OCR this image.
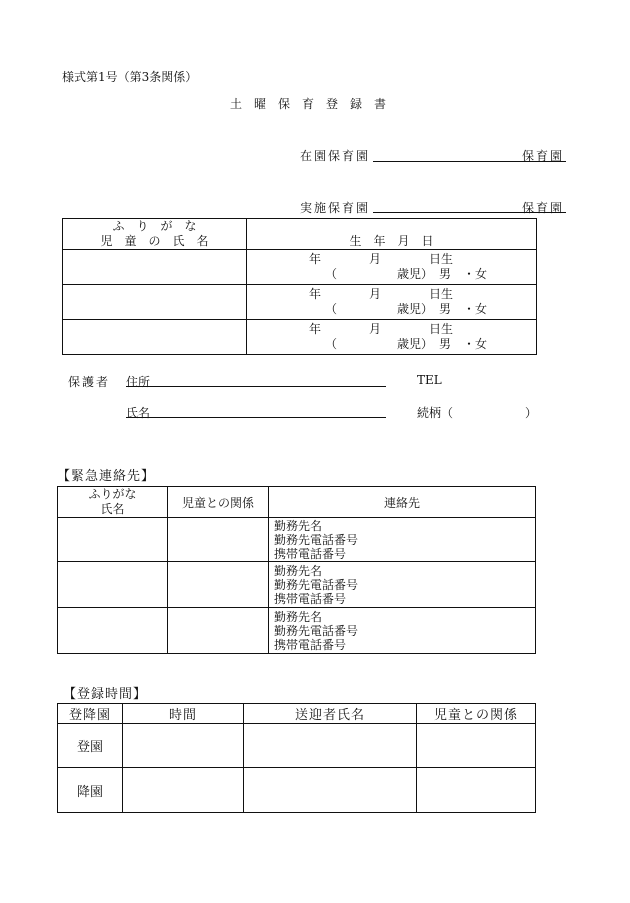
様式第1号（第3条関係）
土　曜　保　育　登　録　書
在園保育園	保育園
実施保育園	保育園
ふ　り　が　な
児　童　の　氏　名	生　年　月　日

	年　　　　月　　　　日生
（　　　　　歳児）　男　・女

	年　　　　月　　　　日生
（　　　　　歳児）　男　・女

	年　　　　月　　　　日生
（　　　　　歳児）　男　・女
保護者 住所	TEL
氏名	続柄（　　　　　　）
【緊急連絡先】
ふりがな
氏名	児童との関係	連絡先

		勤務先名
勤務先電話番号
携帯電話番号

		勤務先名
勤務先電話番号
携帯電話番号

		勤務先名
勤務先電話番号
携帯電話番号
【登録時間】
登降園	時間	送迎者氏名	児童との関係
登園			
降園			
